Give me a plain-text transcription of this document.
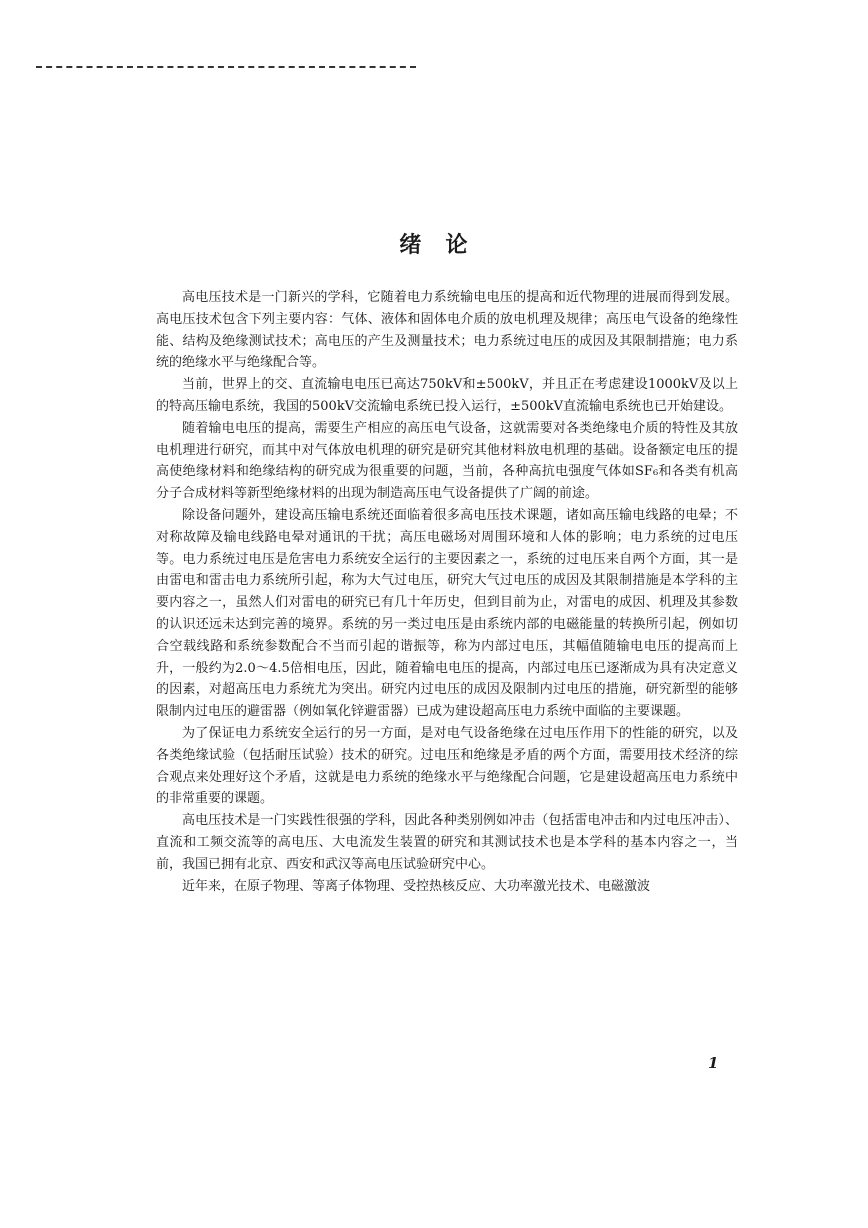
绪　论

高电压技术是一门新兴的学科，它随着电力系统输电电压的提高和近代物理的进展而得到发展。高电压技术包含下列主要内容：气体、液体和固体电介质的放电机理及规律；高压电气设备的绝缘性能、结构及绝缘测试技术；高电压的产生及测量技术；电力系统过电压的成因及其限制措施；电力系统的绝缘水平与绝缘配合等。

当前，世界上的交、直流输电电压已高达750kV和±500kV，并且正在考虑建设1000kV及以上的特高压输电系统，我国的500kV交流输电系统已投入运行，±500kV直流输电系统也已开始建设。

随着输电电压的提高，需要生产相应的高压电气设备，这就需要对各类绝缘电介质的特性及其放电机理进行研究，而其中对气体放电机理的研究是研究其他材料放电机理的基础。设备额定电压的提高使绝缘材料和绝缘结构的研究成为很重要的问题，当前，各种高抗电强度气体如SF₆和各类有机高分子合成材料等新型绝缘材料的出现为制造高压电气设备提供了广阔的前途。

除设备问题外，建设高压输电系统还面临着很多高电压技术课题，诸如高压输电线路的电晕；不对称故障及输电线路电晕对通讯的干扰；高压电磁场对周围环境和人体的影响；电力系统的过电压等。电力系统过电压是危害电力系统安全运行的主要因素之一，系统的过电压来自两个方面，其一是由雷电和雷击电力系统所引起，称为大气过电压，研究大气过电压的成因及其限制措施是本学科的主要内容之一，虽然人们对雷电的研究已有几十年历史，但到目前为止，对雷电的成因、机理及其参数的认识还远未达到完善的境界。系统的另一类过电压是由系统内部的电磁能量的转换所引起，例如切合空载线路和系统参数配合不当而引起的谐振等，称为内部过电压，其幅值随输电电压的提高而上升，一般约为2.0～4.5倍相电压，因此，随着输电电压的提高，内部过电压已逐渐成为具有决定意义的因素，对超高压电力系统尤为突出。研究内过电压的成因及限制内过电压的措施，研究新型的能够限制内过电压的避雷器（例如氧化锌避雷器）已成为建设超高压电力系统中面临的主要课题。

为了保证电力系统安全运行的另一方面，是对电气设备绝缘在过电压作用下的性能的研究，以及各类绝缘试验（包括耐压试验）技术的研究。过电压和绝缘是矛盾的两个方面，需要用技术经济的综合观点来处理好这个矛盾，这就是电力系统的绝缘水平与绝缘配合问题，它是建设超高压电力系统中的非常重要的课题。

高电压技术是一门实践性很强的学科，因此各种类别例如冲击（包括雷电冲击和内过电压冲击）、直流和工频交流等的高电压、大电流发生装置的研究和其测试技术也是本学科的基本内容之一，当前，我国已拥有北京、西安和武汉等高电压试验研究中心。

近年来，在原子物理、等离子体物理、受控热核反应、大功率激光技术、电磁激波

1
